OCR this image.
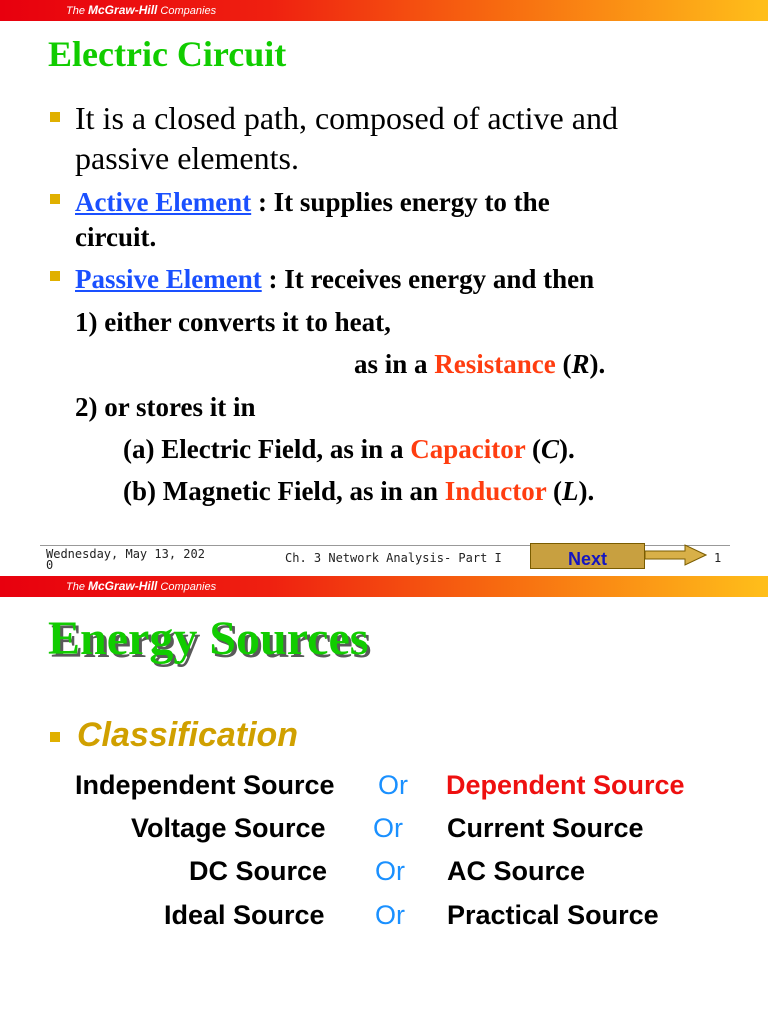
The McGraw-Hill Companies
Electric Circuit
It is a closed path, composed of active and
passive elements.
Active Element : It supplies energy to the
circuit.
Passive Element : It receives energy and then
1) either converts it to heat,
as in a Resistance (R).
2) or stores it in
(a) Electric Field, as in a Capacitor (C).
(b) Magnetic Field, as in an Inductor (L).
Wednesday, May 13, 202
0	Ch. 3 Network Analysis- Part I	Next	1
The McGraw-Hill Companies
Energy Sources
Classification
Independent Source Or Dependent Source
Voltage Source Or Current Source
DC Source Or AC Source
Ideal Source Or Practical Source
